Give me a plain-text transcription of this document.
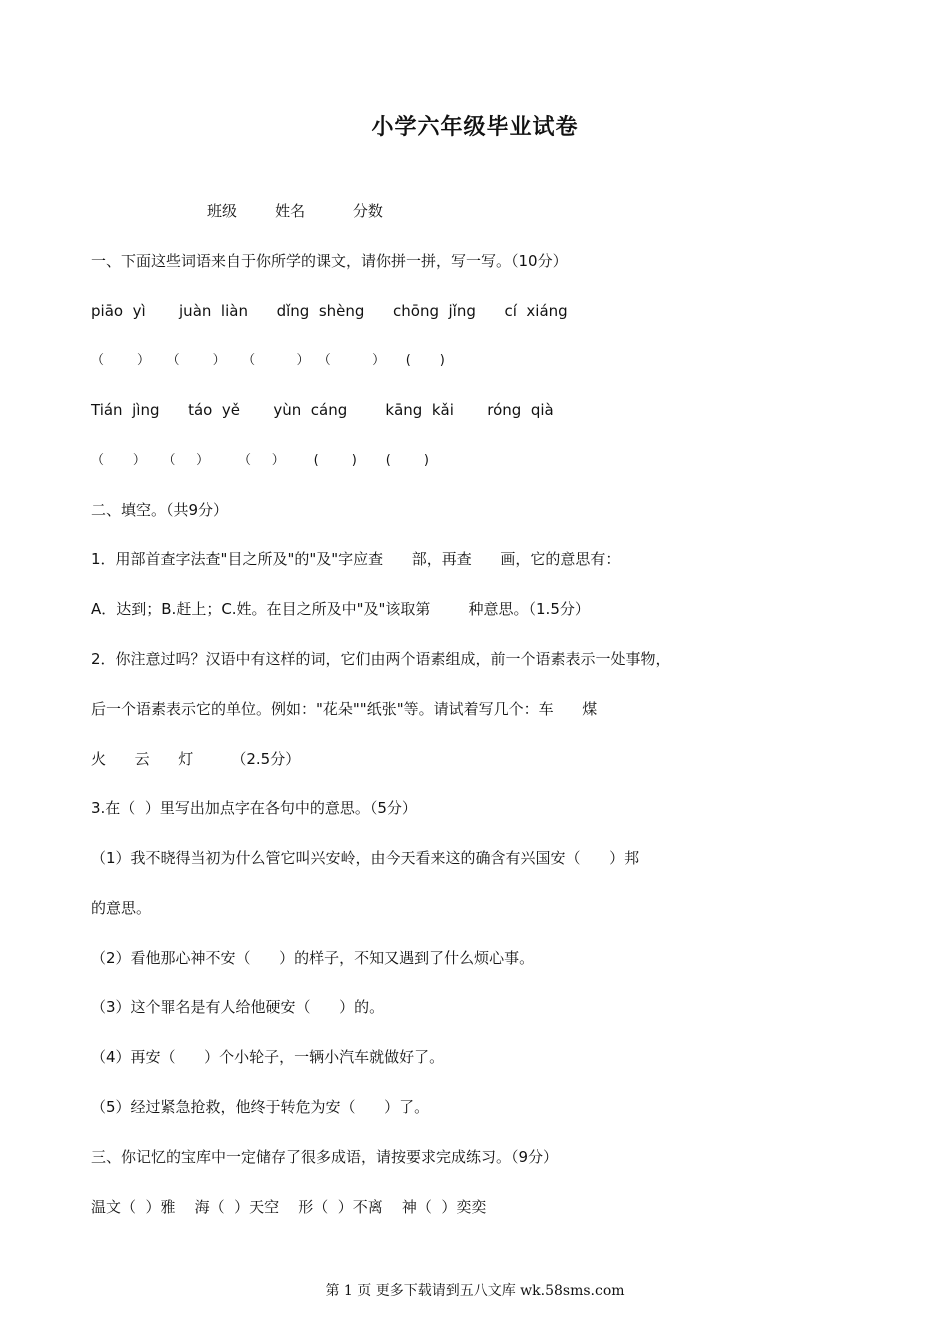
小学六年级毕业试卷
班级        姓名          分数
一、下面这些词语来自于你所学的课文，请你拼一拼，写一写。（10分）
piāo  yì       juàn  liàn      dǐng  shèng      chōng  jǐng      cí  xiáng
（        ）    （        ）    （          ）  （          ）     (       )
Tián  jìng      táo  yě       yùn  cáng        kāng  kǎi       róng  qià
（       ）    （     ）       （     ）       (        )       (        )
二、填空。（共9分）
1．用部首查字法查"目之所及"的"及"字应查      部，再查      画，它的意思有：
A．达到；B.赶上；C.姓。在目之所及中"及"该取第        种意思。（1.5分）
2．你注意过吗？汉语中有这样的词，它们由两个语素组成，前一个语素表示一处事物，
后一个语素表示它的单位。例如："花朵""纸张"等。请试着写几个：车      煤
火      云      灯        （2.5分）
3.在（  ）里写出加点字在各句中的意思。（5分）
（1）我不晓得当初为什么管它叫兴安岭，由今天看来这的确含有兴国安（      ）邦
的意思。
（2）看他那心神不安（      ）的样子，不知又遇到了什么烦心事。
（3）这个罪名是有人给他硬安（      ）的。
（4）再安（      ）个小轮子，一辆小汽车就做好了。
（5）经过紧急抢救，他终于转危为安（      ）了。
三、你记忆的宝库中一定储存了很多成语，请按要求完成练习。（9分）
温文（  ）雅    海（  ）天空    形（  ）不离    神（  ）奕奕
第 1 页 更多下载请到五八文库 wk.58sms.com
